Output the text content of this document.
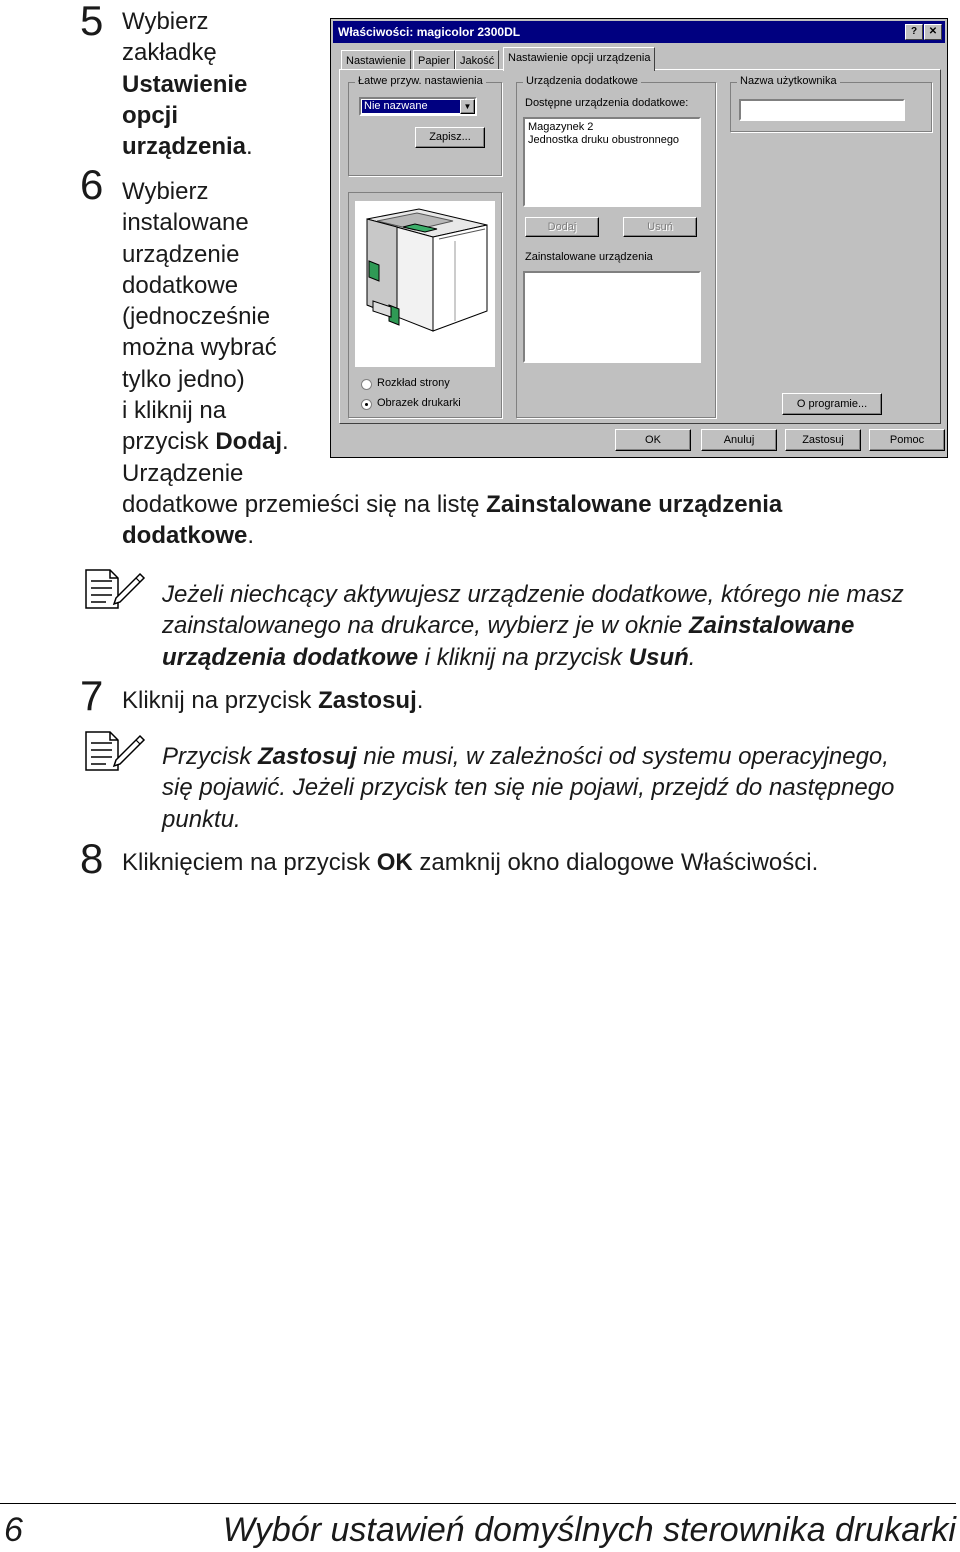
5 Wybierz
zakładkę
Ustawienie
opcji
urządzenia.
6 Wybierz
instalowane
urządzenie
dodatkowe
(jednocześnie
można wybrać
tylko jedno)
i kliknij na
przycisk Dodaj.
Urządzenie
dodatkowe przemieści się na listę Zainstalowane urządzenia
dodatkowe.
Jeżeli niechcący aktywujesz urządzenie dodatkowe, którego nie masz
zainstalowanego na drukarce, wybierz je w oknie Zainstalowane
urządzenia dodatkowe i kliknij na przycisk Usuń.
7 Kliknij na przycisk Zastosuj.
Przycisk Zastosuj nie musi, w zależności od systemu operacyjnego,
się pojawić. Jeżeli przycisk ten się nie pojawi, przejdź do następnego
punktu.
8 Kliknięciem na przycisk OK zamknij okno dialogowe Właściwości.
Właściwości: magicolor 2300DL	?	✕
Nastawienie	Papier Jakość	Nastawienie opcji urządzenia
Łatwe przyw. nastawienia
Nie nazwane	▼
Zapisz...
Rozkład strony
Obrazek drukarki
Urządzenia dodatkowe
Dostępne urządzenia dodatkowe:
Magazynek 2
Jednostka druku obustronnego
Dodaj	Usuń
Zainstalowane urządzenia
Nazwa użytkownika
O programie...
OK	Anuluj	Zastosuj	Pomoc
6	Wybór ustawień domyślnych sterownika drukarki
